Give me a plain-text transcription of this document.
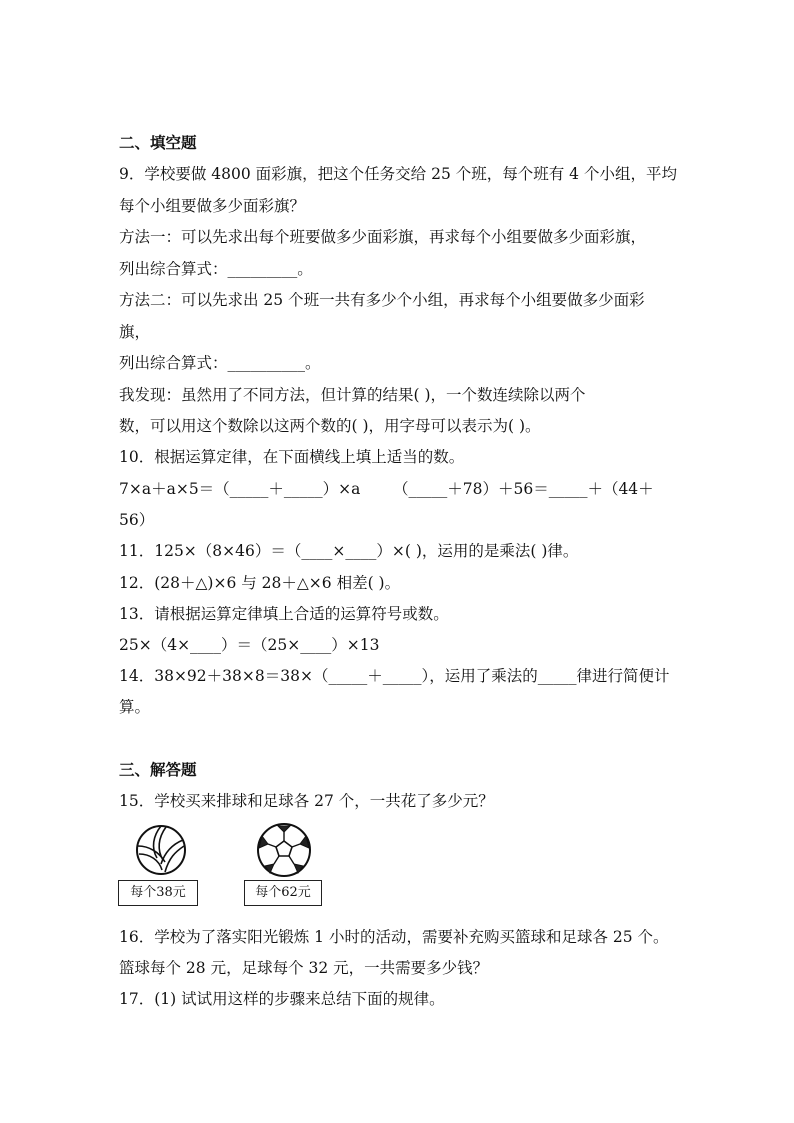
二、填空题
9．学校要做 4800 面彩旗，把这个任务交给 25 个班，每个班有 4 个小组，平均
每个小组要做多少面彩旗？
方法一：可以先求出每个班要做多少面彩旗，再求每个小组要做多少面彩旗，
列出综合算式：_________。
方法二：可以先求出 25 个班一共有多少个小组，再求每个小组要做多少面彩
旗，
列出综合算式：__________。
我发现：虽然用了不同方法，但计算的结果( )，一个数连续除以两个
数，可以用这个数除以这两个数的( )，用字母可以表示为( )。
10．根据运算定律，在下面横线上填上适当的数。
7×a＋a×5＝（_____＋_____）×a （_____＋78）＋56＝_____＋（44＋
56）
11．125×（8×46）＝（____×____）×( )，运用的是乘法( )律。
12．(28＋△)×6 与 28＋△×6 相差( )。
13．请根据运算定律填上合适的运算符号或数。
25×（4×____）＝（25×____）×13
14．38×92＋38×8＝38×（_____＋_____），运用了乘法的_____律进行简便计
算。
三、解答题
15．学校买来排球和足球各 27 个，一共花了多少元？
每个38元	每个62元
16．学校为了落实阳光锻炼 1 小时的活动，需要补充购买篮球和足球各 25 个。
篮球每个 28 元，足球每个 32 元，一共需要多少钱？
17．(1) 试试用这样的步骤来总结下面的规律。
